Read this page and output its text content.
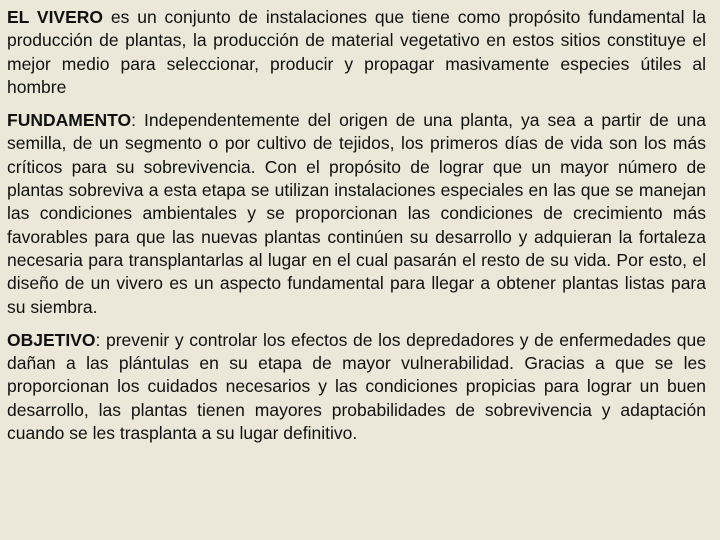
EL VIVERO es un conjunto de instalaciones que tiene como propósito fundamental la producción de plantas, la producción de material vegetativo en estos sitios constituye el mejor medio para seleccionar, producir y propagar masivamente especies útiles al hombre

FUNDAMENTO: Independentemente del origen de una planta, ya sea a partir de una semilla, de un segmento o por cultivo de tejidos, los primeros días de vida son los más críticos para su sobrevivencia. Con el propósito de lograr que un mayor número de plantas sobreviva a esta etapa se utilizan instalaciones especiales en las que se manejan las condiciones ambientales y se proporcionan las condiciones de crecimiento más favorables para que las nuevas plantas continúen su desarrollo y adquieran la fortaleza necesaria para transplantarlas al lugar en el cual pasarán el resto de su vida. Por esto, el diseño de un vivero es un aspecto fundamental para llegar a obtener plantas listas para su siembra.

OBJETIVO: prevenir y controlar los efectos de los depredadores y de enfermedades que dañan a las plántulas en su etapa de mayor vulnerabilidad. Gracias a que se les proporcionan los cuidados necesarios y las condiciones propicias para lograr un buen desarrollo, las plantas tienen mayores probabilidades de sobrevivencia y adaptación cuando se les trasplanta a su lugar definitivo.
